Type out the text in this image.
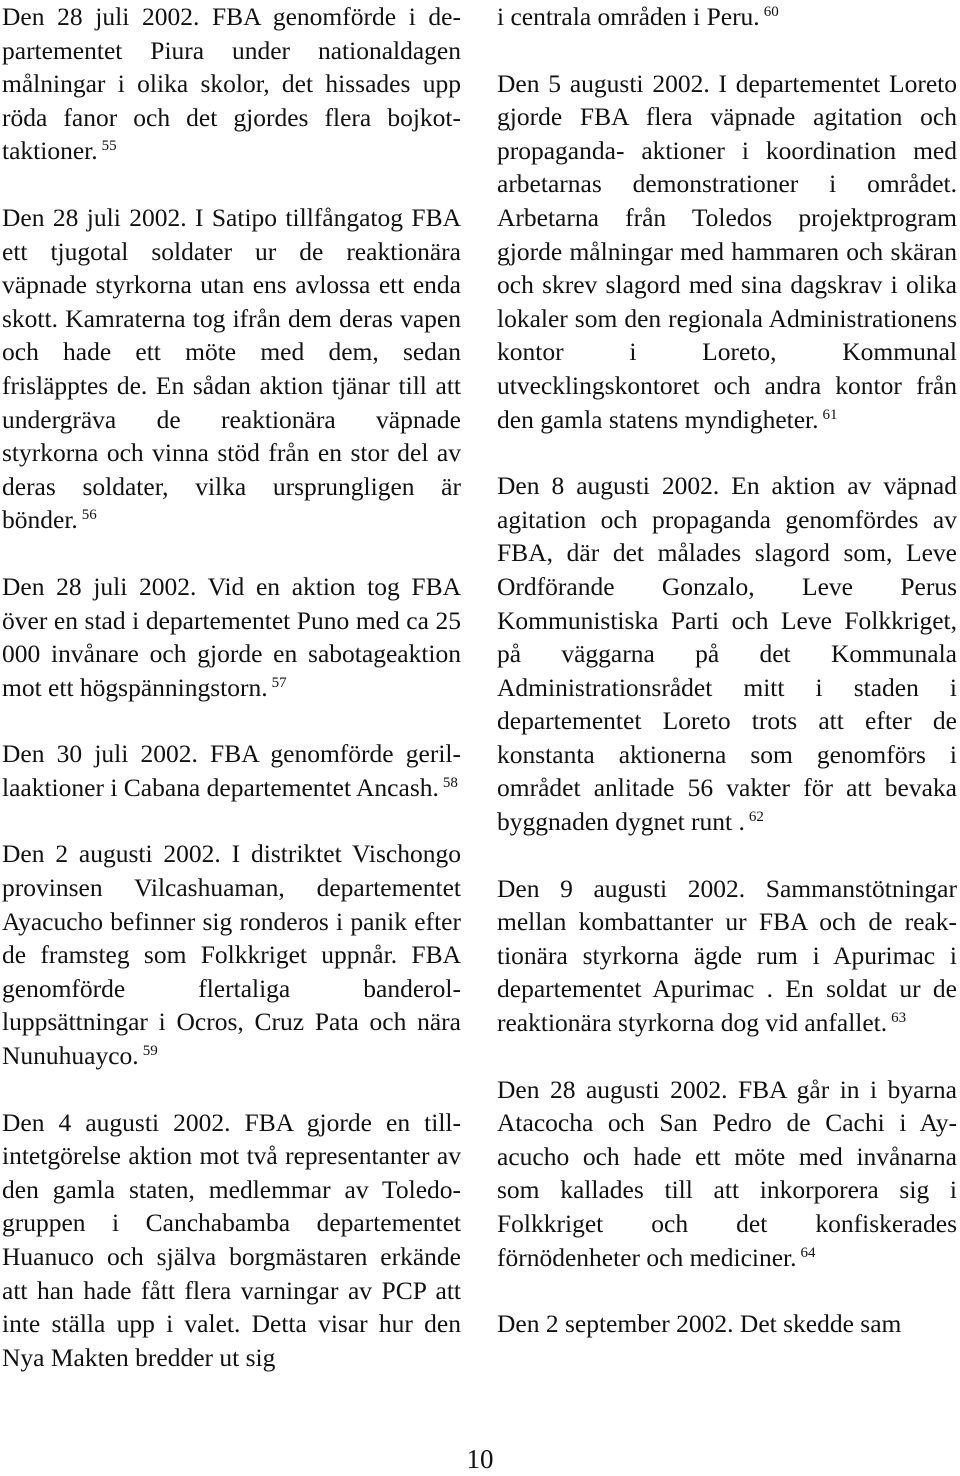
Den 28 juli 2002. FBA genomförde i departementet Piura under nationaldagen målningar i olika skolor, det hissades upp röda fanor och det gjordes flera bojkottaktioner. $^{55}$

Den 28 juli 2002. I Satipo tillfångatog FBA ett tjugotal soldater ur de reaktionära väpnade styrkorna utan ens avlossa ett enda skott. Kamraterna tog ifrån dem deras vapen och hade ett möte med dem, sedan frisläpptes de. En sådan aktion tjänar till att undergräva de reaktionära väpnade styrkorna och vinna stöd från en stor del av deras soldater, vilka ursprungligen är bönder. $^{56}$

Den 28 juli 2002. Vid en aktion tog FBA över en stad i departementet Puno med ca 25 000 invånare och gjorde en sabotageaktion mot ett högspänningstorn. $^{57}$

Den 30 juli 2002. FBA genomförde gerillaaktioner i Cabana departementet Ancash. $^{58}$

Den 2 augusti 2002. I distriktet Vischongo provinsen Vilcashuaman, departementet Ayacucho befinner sig ronderos i panik efter de framsteg som Folkkriget uppnår. FBA genomförde flertaliga banderolluppsättningar i Ocros, Cruz Pata och nära Nunuhuayco. $^{59}$

Den 4 augusti 2002. FBA gjorde en tillintetgörelse aktion mot två representanter av den gamla staten, medlemmar av Toledo-gruppen i Canchabamba departementet Huanuco och själva borgmästaren erkände att han hade fått flera varningar av PCP att inte ställa upp i valet. Detta visar hur den Nya Makten bredder ut sig

i centrala områden i Peru. $^{60}$

Den 5 augusti 2002. I departementet Loreto gjorde FBA flera väpnade agitation och propaganda- aktioner i koordination med arbetarnas demonstrationer i området. Arbetarna från Toledos projektprogram gjorde målningar med hammaren och skäran och skrev slagord med sina dagskrav i olika lokaler som den regionala Administrationens kontor i Loreto, Kommunal utvecklingskontoret och andra kontor från den gamla statens myndigheter. $^{61}$

Den 8 augusti 2002. En aktion av väpnad agitation och propaganda genomfördes av FBA, där det målades slagord som, Leve Ordförande Gonzalo, Leve Perus Kommunistiska Parti och Leve Folkkriget, på väggarna på det Kommunala Administrationsrådet mitt i staden i departementet Loreto trots att efter de konstanta aktionerna som genomförs i området anlitade 56 vakter för att bevaka byggnaden dygnet runt . $^{62}$

Den 9 augusti 2002. Sammanstötningar mellan kombattanter ur FBA och de reaktionära styrkorna ägde rum i Apurimac i departementet Apurimac . En soldat ur de reaktionära styrkorna dog vid anfallet. $^{63}$

Den 28 augusti 2002. FBA går in i byarna Atacocha och San Pedro de Cachi i Ayacucho och hade ett möte med invånarna som kallades till att inkorporera sig i Folkkriget och det konfiskerades förnödenheter och mediciner. $^{64}$

Den 2 september 2002. Det skedde sam

10
